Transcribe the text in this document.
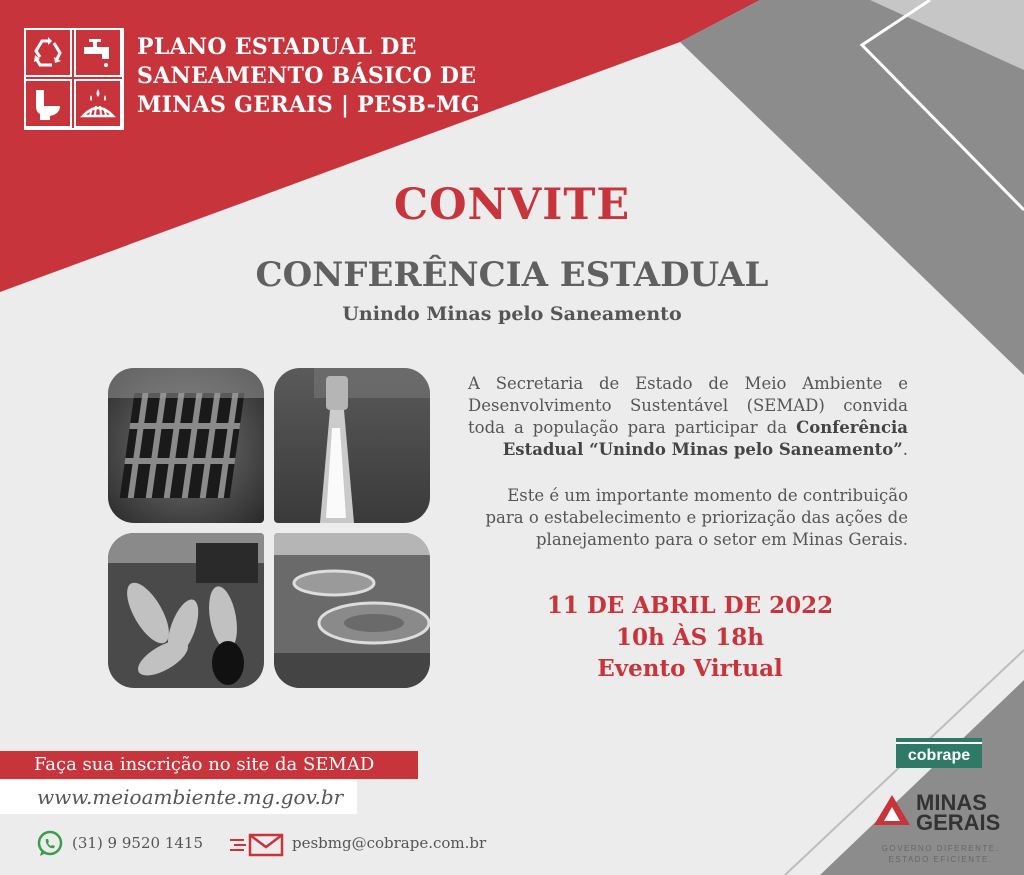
PLANO ESTADUAL DE
SANEAMENTO BÁSICO DE
MINAS GERAIS | PESB-MG
CONVITE
CONFERÊNCIA ESTADUAL
Unindo Minas pelo Saneamento
A Secretaria de Estado de Meio Ambiente e Desenvolvimento Sustentável (SEMAD) convida toda a população para participar da Conferência Estadual “Unindo Minas pelo Saneamento”.
Este é um importante momento de contribuição para o estabelecimento e priorização das ações de planejamento para o setor em Minas Gerais.
11 DE ABRIL DE 2022
10h ÀS 18h
Evento Virtual
Faça sua inscrição no site da SEMAD
www.meioambiente.mg.gov.br
(31) 9 9520 1415	pesbmg@cobrape.com.br
cobrape
MINAS
GERAIS
GOVERNO DIFERENTE.
ESTADO EFICIENTE.
